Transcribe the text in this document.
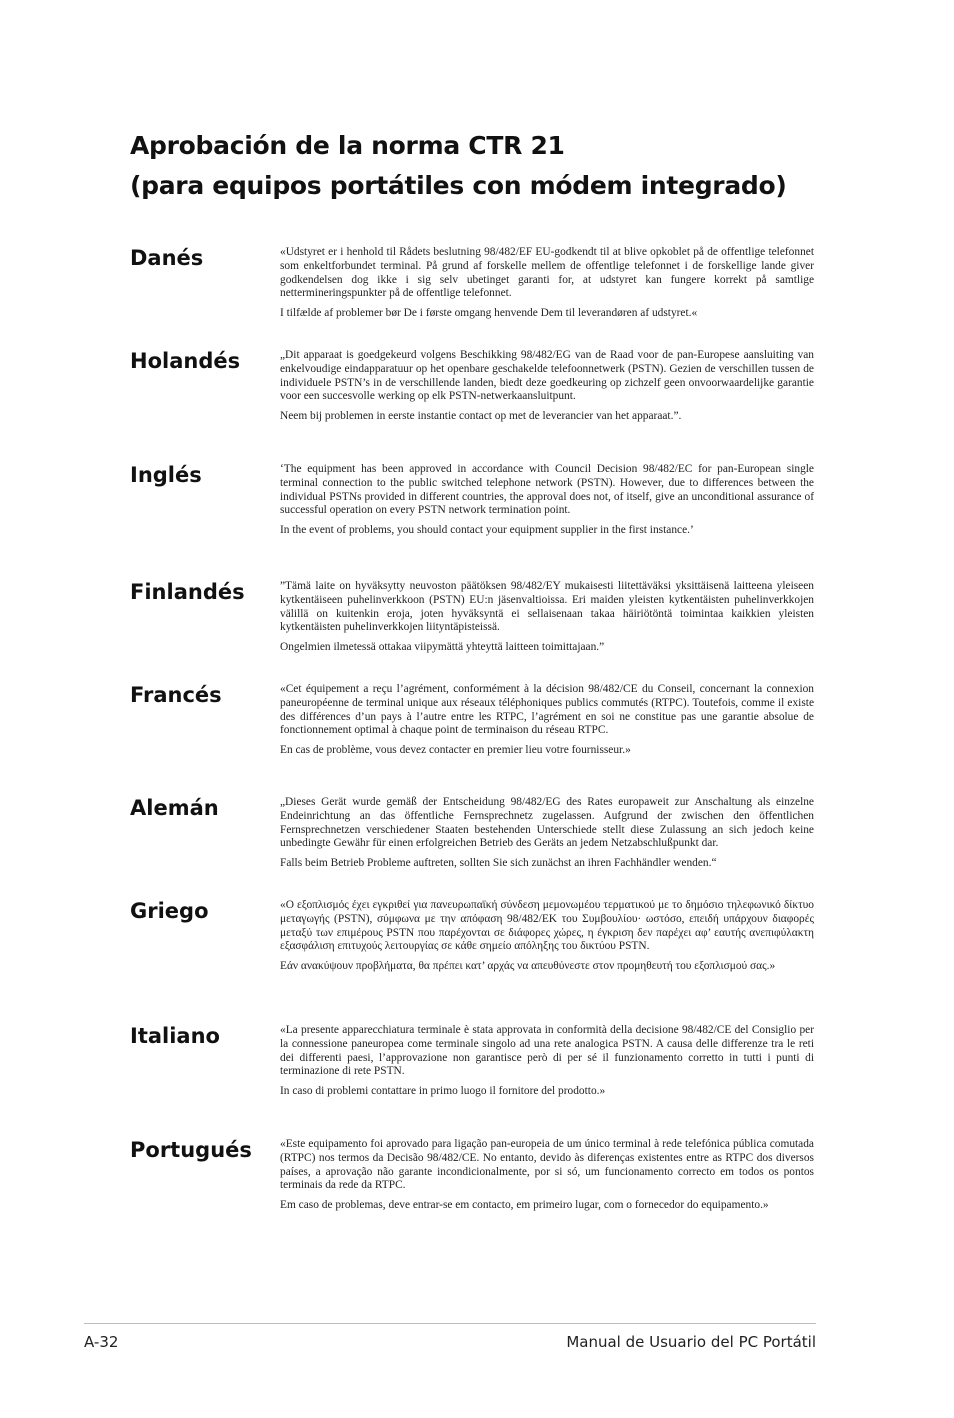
Aprobación de la norma CTR 21
(para equipos portátiles con módem integrado)
Danés	«Udstyret er i henhold til Rådets beslutning 98/482/EF EU-godkendt til at blive opkoblet på de offentlige telefonnet som enkeltforbundet terminal. På grund af forskelle mellem de offentlige telefonnet i de forskellige lande giver godkendelsen dog ikke i sig selv ubetinget garanti for, at udstyret kan fungere korrekt på samtlige nettermineringspunkter på de offentlige telefonnet.

I tilfælde af problemer bør De i første omgang henvende Dem til leverandøren af udstyret.«

Holandés	„Dit apparaat is goedgekeurd volgens Beschikking 98/482/EG van de Raad voor de pan-Europese aansluiting van enkelvoudige eindapparatuur op het openbare geschakelde telefoonnetwerk (PSTN). Gezien de verschillen tussen de individuele PSTN’s in de verschillende landen, biedt deze goedkeuring op zichzelf geen onvoorwaardelijke garantie voor een succesvolle werking op elk PSTN-netwerkaansluitpunt.

Neem bij problemen in eerste instantie contact op met de leverancier van het apparaat.”.

Inglés	‘The equipment has been approved in accordance with Council Decision 98/482/EC for pan-European single terminal connection to the public switched telephone network (PSTN). However, due to differences between the individual PSTNs provided in different countries, the approval does not, of itself, give an unconditional assurance of successful operation on every PSTN network termination point.

In the event of problems, you should contact your equipment supplier in the first instance.’

Finlandés	”Tämä laite on hyväksytty neuvoston päätöksen 98/482/EY mukaisesti liitettäväksi yksittäisenä laitteena yleiseen kytkentäiseen puhelinverkkoon (PSTN) EU:n jäsenvaltioissa. Eri maiden yleisten kytkentäisten puhelinverkkojen välillä on kuitenkin eroja, joten hyväksyntä ei sellaisenaan takaa häiriötöntä toimintaa kaikkien yleisten kytkentäisten puhelinverkkojen liityntäpisteissä.

Ongelmien ilmetessä ottakaa viipymättä yhteyttä laitteen toimittajaan.”

Francés	«Cet équipement a reçu l’agrément, conformément à la décision 98/482/CE du Conseil, concernant la connexion paneuropéenne de terminal unique aux réseaux téléphoniques publics commutés (RTPC). Toutefois, comme il existe des différences d’un pays à l’autre entre les RTPC, l’agrément en soi ne constitue pas une garantie absolue de fonctionnement optimal à chaque point de terminaison du réseau RTPC.

En cas de problème, vous devez contacter en premier lieu votre fournisseur.»

Alemán	„Dieses Gerät wurde gemäß der Entscheidung 98/482/EG des Rates europaweit zur Anschaltung als einzelne Endeinrichtung an das öffentliche Fernsprechnetz zugelassen. Aufgrund der zwischen den öffentlichen Fernsprechnetzen verschiedener Staaten bestehenden Unterschiede stellt diese Zulassung an sich jedoch keine unbedingte Gewähr für einen erfolgreichen Betrieb des Geräts an jedem Netzabschlußpunkt dar.

Falls beim Betrieb Probleme auftreten, sollten Sie sich zunächst an ihren Fachhändler wenden.“

Griego	«Ο εξοπλισμός έχει εγκριθεί για πανευρωπαϊκή σύνδεση μεμονωμέου τερματικού με το δημόσιο τηλεφωνικό δίκτυο μεταγωγής (PSTN), σύμφωνα με την απόφαση 98/482/ΕΚ του Συμβουλίου· ωστόσο, επειδή υπάρχουν διαφορές μεταξύ των επιμέρους PSTN που παρέχονται σε διάφορες χώρες, η έγκριση δεν παρέχει αφ’ εαυτής ανεπιφύλακτη εξασφάλιση επιτυχούς λειτουργίας σε κάθε σημείο απόληξης του δικτύου PSTN.

Εάν ανακύψουν προβλήματα, θα πρέπει κατ’ αρχάς να απευθύνεστε στον προμηθευτή του εξοπλισμού σας.»

Italiano	«La presente apparecchiatura terminale è stata approvata in conformità della decisione 98/482/CE del Consiglio per la connessione paneuropea come terminale singolo ad una rete analogica PSTN. A causa delle differenze tra le reti dei differenti paesi, l’approvazione non garantisce però di per sé il funzionamento corretto in tutti i punti di terminazione di rete PSTN.

In caso di problemi contattare in primo luogo il fornitore del prodotto.»

Portugués «Este equipamento foi aprovado para ligação pan-europeia de um único terminal à rede telefónica pública comutada (RTPC) nos termos da Decisão 98/482/CE. No entanto, devido às diferenças existentes entre as RTPC dos diversos países, a aprovação não garante incondicionalmente, por si só, um funcionamento correcto em todos os pontos terminais da rede da RTPC.

Em caso de problemas, deve entrar-se em contacto, em primeiro lugar, com o fornecedor do equipamento.»

A-32	Manual de Usuario del PC Portátil
